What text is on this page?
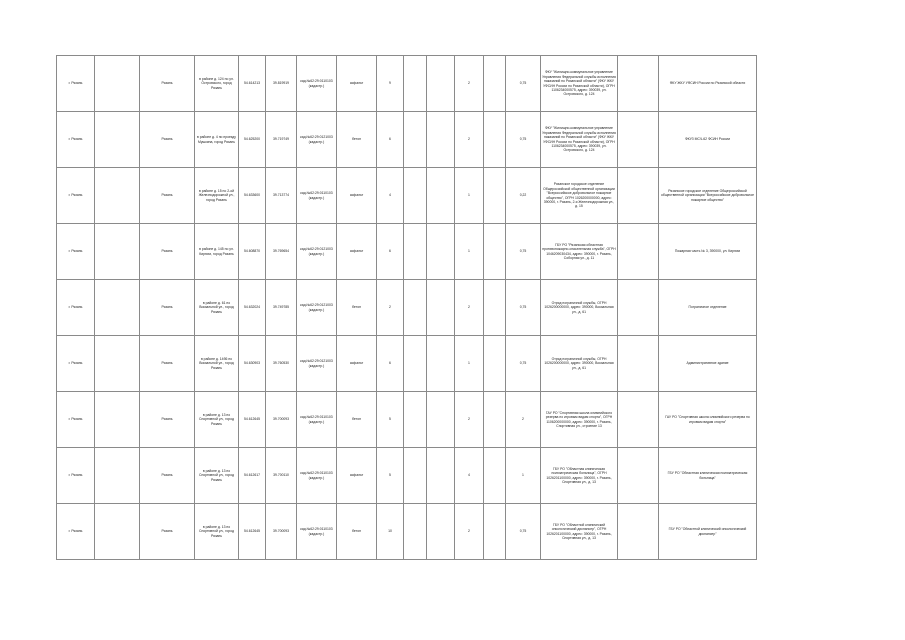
г. Рязань		Рязань	в районе д. 124 по ул. Островского, город Рязань	54.614213	39.819919	кад.№62:29:0110103 (кадастр.)	асфальт	9			2		0,75	ФКУ "Жилищно-коммунальное управление Управления Федеральной службы исполнения наказаний по Рязанской области" (ФКУ ЖКУ УФСИН России по Рязанской области), ОГРН 1106234000575, адрес: 390039, ул. Островского, д. 124		ФКУ ЖКУ УФСИН России по Рязанской области
г. Рязань		Рязань	в районе д. 4 по проезду Мушкина, город Рязань	54.625200	39.719749	кад.№62:29:0121003 (кадастр.)	бетон	6			2		0,75	ФКУ "Жилищно-коммунальное управление Управления Федеральной службы исполнения наказаний по Рязанской области" (ФКУ ЖКУ УФСИН России по Рязанской области), ОГРН 1106234000575, адрес: 390039, ул. Островского, д. 124		ФКУЗ МСЧ-62 ФСИН России
г. Рязань		Рязань	в районе д. 15 по 2-ой Железнодорожной ул., город Рязань	54.633600	39.713774	кад.№62:29:0110103 (кадастр.)	асфальт	4			1		0,22	Рязанское городское отделение Общероссийской общественной организации "Всероссийское добровольное пожарное общество", ОГРН 1026200000000, адрес: 390000, г. Рязань, 2-я Железнодорожная ул., д. 15		Рязанское городское отделение Общероссийской общественной организации "Всероссийское добровольное пожарное общество"
г. Рязань		Рязань	в районе д. 145 по ул. Кирюхи, город Рязань	54.608870	39.769654	кад.№62:29:0121003 (кадастр.)	асфальт	6			1		0,75	ГБУ РО "Рязанская областная противопожарно-спасательная служба", ОГРН 1046209030434, адрес: 390000, г. Рязань, Соборная ул., д. 11		Пожарная часть № 3, 390000, ул. Кирюхи
г. Рязань		Рязань	в районе д. 61 по Вокзальной ул., город Рязань	54.632024	39.749785	кад.№62:29:0121003 (кадастр.)	бетон	2			2		0,75	Отряд пограничной службы, ОГРН 1026200000000, адрес: 390000, Вокзальная ул., д. 61		Пограничное отделение
г. Рязань		Рязань	в районе д. 14б6 по Вокзальной ул., город Рязань	54.630903	39.760530	кад.№62:29:0121003 (кадастр.)	асфальт	6			1		0,75	Отряд пограничной службы, ОГРН 1026200000000, адрес: 390000, Вокзальная ул., д. 61		Административное здание
г. Рязань		Рязань	в районе д. 13 по Спортивной ул., город Рязань	54.612645	39.700093	кад.№62:29:0110103 (кадастр.)	бетон	5			2		2	ГАУ РО "Спортивная школа олимпийского резерва по игровым видам спорта", ОГРН 1106200000000, адрес: 390000, г. Рязань, Спортивная ул., строение 13		ГАУ РО "Спортивная школа олимпийского резерва по игровым видам спорта"
г. Рязань		Рязань	в районе д. 13 по Спортивной ул., город Рязань	54.612617	39.700110	кад.№62:29:0110103 (кадастр.)	асфальт	5			4		1	ГБУ РО "Областная клиническая психиатрическая больница", ОГРН 1026201100000, адрес: 390000, г. Рязань, Спортивная ул., д. 13		ГБУ РО "Областная клиническая психиатрическая больница"
г. Рязань		Рязань	в районе д. 13 по Спортивной ул., город Рязань	54.612645	39.700093	кад.№62:29:0110103 (кадастр.)	бетон	10			2		0,75	ГБУ РО "Областной клинический онкологический диспансер", ОГРН 1026201100000, адрес: 390000, г. Рязань, Спортивная ул., д. 13		ГБУ РО "Областной клинический онкологический диспансер"
